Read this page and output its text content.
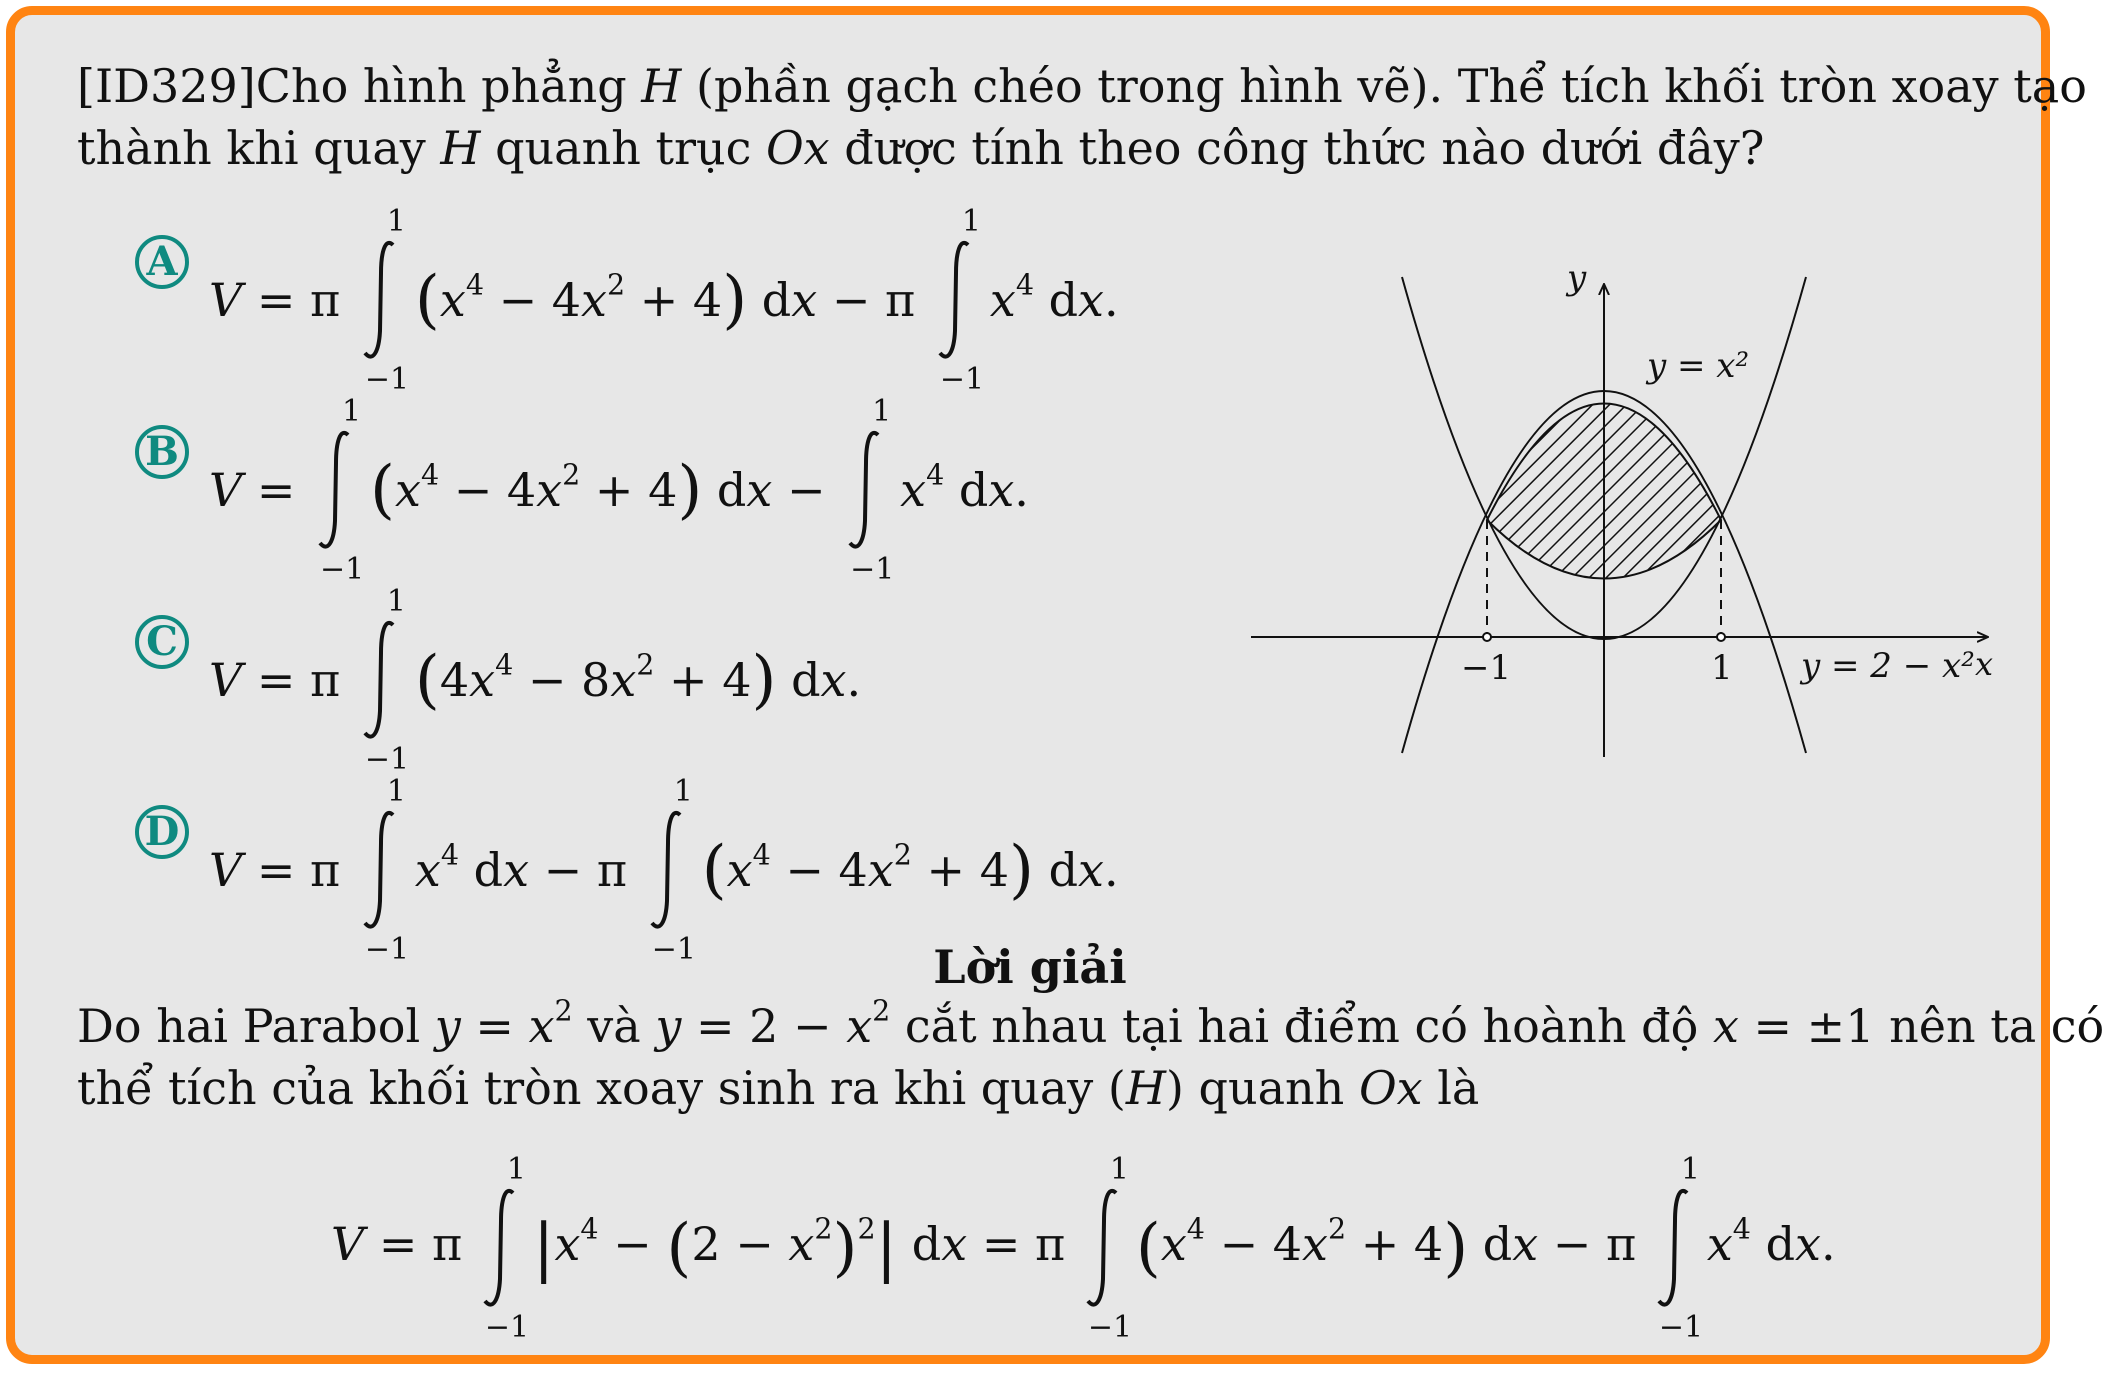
[ID329]Cho hình phẳng H (phần gạch chéo trong hình vẽ). Thể tích khối tròn xoay tạo

thành khi quay H quanh trục Ox được tính theo công thức nào dưới đây?

A
V = π
1
−1
$(x^4 - 4x^2 + 4)$ dx − π
1
−1
$x^4$ dx.
B
V =
1
−1
$(x^4 - 4x^2 + 4)$ dx −
1
−1
$x^4$ dx.
C
V = π
1
−1
$(4x^4 - 8x^2 + 4)$ dx.
D
V = π
1
−1
$x^4$ dx − π
1
−1
$(x^4 - 4x^2 + 4)$ dx.
y
x
y = x²
y = 2 − x²
−1	1

Lời giải

Do hai Parabol $y = x^2$ và $y = 2 - x^2$ cắt nhau tại hai điểm có hoành độ x = ±1 nên ta có

thể tích của khối tròn xoay sinh ra khi quay (H) quanh Ox là

V = π
1
−1
$|x^4 - (2 - x^2)^2|$ dx = π
1
−1
$(x^4 - 4x^2 + 4)$ dx − π
1
−1
$x^4$ dx.
